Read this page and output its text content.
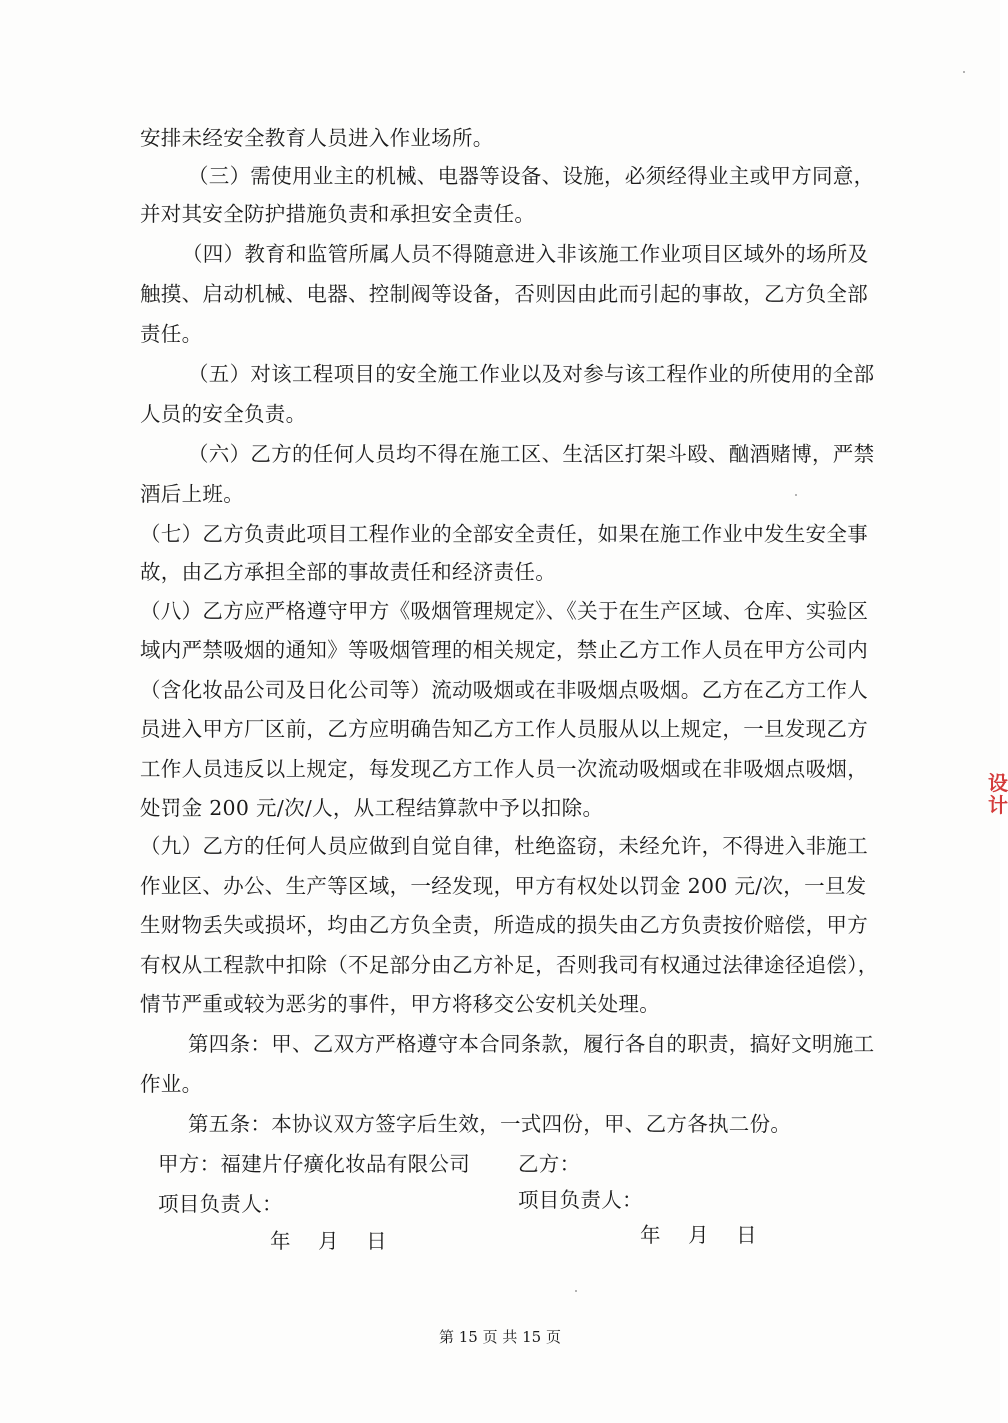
安排未经安全教育人员进入作业场所。
（三）需使用业主的机械、电器等设备、设施，必须经得业主或甲方同意，
并对其安全防护措施负责和承担安全责任。
（四）教育和监管所属人员不得随意进入非该施工作业项目区域外的场所及
触摸、启动机械、电器、控制阀等设备，否则因由此而引起的事故，乙方负全部
责任。
（五）对该工程项目的安全施工作业以及对参与该工程作业的所使用的全部
人员的安全负责。
（六）乙方的任何人员均不得在施工区、生活区打架斗殴、酗酒赌博，严禁
酒后上班。
（七）乙方负责此项目工程作业的全部安全责任，如果在施工作业中发生安全事
故，由乙方承担全部的事故责任和经济责任。
（八）乙方应严格遵守甲方《吸烟管理规定》、《关于在生产区域、仓库、实验区
域内严禁吸烟的通知》等吸烟管理的相关规定，禁止乙方工作人员在甲方公司内
（含化妆品公司及日化公司等）流动吸烟或在非吸烟点吸烟。乙方在乙方工作人
员进入甲方厂区前，乙方应明确告知乙方工作人员服从以上规定，一旦发现乙方
工作人员违反以上规定，每发现乙方工作人员一次流动吸烟或在非吸烟点吸烟，
处罚金 200 元/次/人，从工程结算款中予以扣除。
（九）乙方的任何人员应做到自觉自律，杜绝盗窃，未经允许，不得进入非施工
作业区、办公、生产等区域，一经发现，甲方有权处以罚金 200 元/次，一旦发
生财物丢失或损坏，均由乙方负全责，所造成的损失由乙方负责按价赔偿，甲方
有权从工程款中扣除（不足部分由乙方补足，否则我司有权通过法律途径追偿），
情节严重或较为恶劣的事件，甲方将移交公安机关处理。
第四条：甲、乙双方严格遵守本合同条款，履行各自的职责，搞好文明施工
作业。
第五条：本协议双方签字后生效，一式四份，甲、乙方各执二份。
甲方：福建片仔癀化妆品有限公司 乙方：
项目负责人：	项目负责人：
年    月    日	年    月    日
第 15 页 共 15 页
设计
